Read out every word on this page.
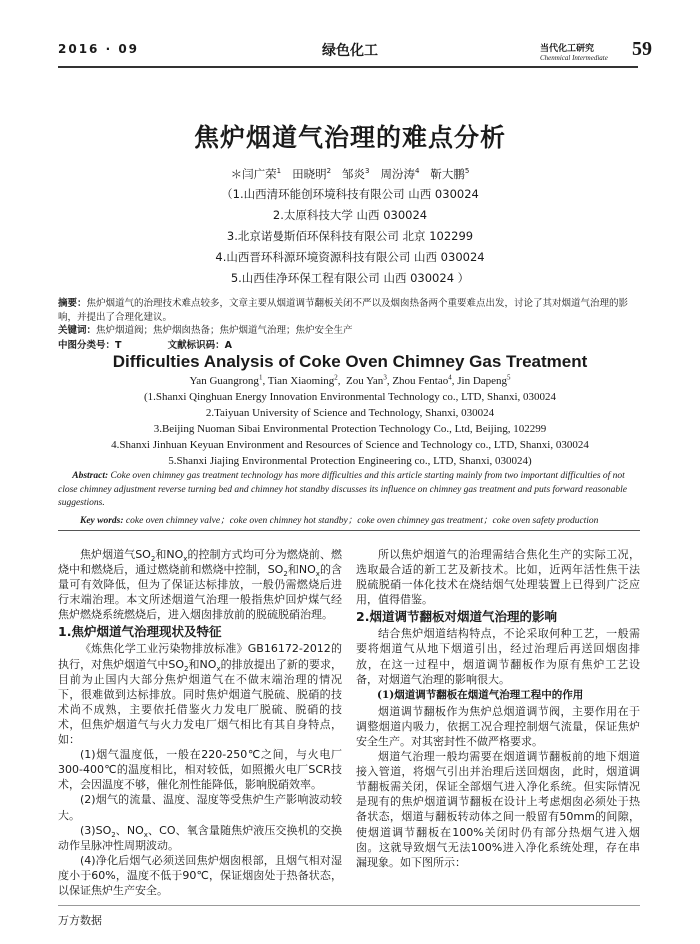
2016 · 09	绿色化工	当代化工研究
Chenmical Intermediate 59
焦炉烟道气治理的难点分析
＊闫广荣$^1$ 田晓明$^2$ 邹炎$^3$ 周汾涛$^4$ 靳大鹏$^5$
（1.山西清环能创环境科技有限公司 山西 030024
2.太原科技大学 山西 030024
3.北京诺曼斯佰环保科技有限公司 北京 102299
4.山西晋环科源环境资源科技有限公司 山西 030024
5.山西佳净环保工程有限公司 山西 030024 ）
摘要：焦炉烟道气的治理技术难点较多，文章主要从烟道调节翻板关闭不严以及烟囱热备两个重要难点出发，讨论了其对烟道气治理的影响，并提出了合理化建议。
关键词：焦炉烟道阀；焦炉烟囱热备；焦炉烟道气治理；焦炉安全生产
中图分类号：T	文献标识码：A
Difficulties Analysis of Coke Oven Chimney Gas Treatment
Yan Guangrong$^1$, Tian Xiaoming$^2$,  Zou Yan$^3$, Zhou Fentao$^4$, Jin Dapeng$^5$
(1.Shanxi Qinghuan Energy Innovation Environmental Technology co., LTD, Shanxi, 030024
2.Taiyuan University of Science and Technology, Shanxi, 030024
3.Beijing Nuoman Sibai Environmental Protection Technology Co., Ltd, Beijing, 102299
4.Shanxi Jinhuan Keyuan Environment and Resources of Science and Technology co., LTD, Shanxi, 030024
5.Shanxi Jiajing Environmental Protection Engineering co., LTD, Shanxi, 030024)
Abstract: Coke oven chimney gas treatment technology has more difficulties and this article starting mainly from two important difficulties of not close chimney adjustment reverse turning bed and chimney hot standby discusses its influence on chimney gas treatment and puts forward reasonable suggestions.
Key words: coke oven chimney valve；coke oven chimney hot standby；coke oven chimney gas treatment；coke oven safety production

焦炉烟道气$SO_2$和$NO_x$的控制方式均可分为燃烧前、燃烧中和燃烧后，通过燃烧前和燃烧中控制，$SO_2$和$NO_x$的含量可有效降低，但为了保证达标排放，一般仍需燃烧后进行末端治理。本文所述烟道气治理一般指焦炉回炉煤气经焦炉燃烧系统燃烧后，进入烟囱排放前的脱硫脱硝治理。

1.焦炉烟道气治理现状及特征

《炼焦化学工业污染物排放标准》GB16172-2012的执行，对焦炉烟道气中$SO_2$和$NO_x$的排放提出了新的要求，目前为止国内大部分焦炉烟道气在不做末端治理的情况下，很难做到达标排放。同时焦炉烟道气脱硫、脱硝的技术尚不成熟，主要依托借鉴火力发电厂脱硫、脱硝的技术，但焦炉烟道气与火力发电厂烟气相比有其自身特点，如：

(1)烟气温度低，一般在220-250℃之间，与火电厂300-400℃的温度相比，相对较低，如照搬火电厂SCR技术，会因温度不够，催化剂性能降低，影响脱硝效率。

(2)烟气的流量、温度、湿度等受焦炉生产影响波动较大。

$(3)SO_2$、$NO_x$、CO、氧含量随焦炉液压交换机的交换动作呈脉冲性周期波动。

(4)净化后烟气必须送回焦炉烟囱根部，且烟气相对湿度小于60%，温度不低于90℃，保证烟囱处于热备状态，以保证焦炉生产安全。

所以焦炉烟道气的治理需结合焦化生产的实际工况，选取最合适的新工艺及新技术。比如，近两年活性焦干法脱硫脱硝一体化技术在烧结烟气处理装置上已得到广泛应用，值得借鉴。

2.烟道调节翻板对烟道气治理的影响

结合焦炉烟道结构特点，不论采取何种工艺，一般需要将烟道气从地下烟道引出，经过治理后再送回烟囱排放，在这一过程中，烟道调节翻板作为原有焦炉工艺设备，对烟道气治理的影响很大。

(1)烟道调节翻板在烟道气治理工程中的作用

烟道调节翻板作为焦炉总烟道调节阀，主要作用在于调整烟道内吸力，依据工况合理控制烟气流量，保证焦炉安全生产。对其密封性不做严格要求。

烟道气治理一般均需要在烟道调节翻板前的地下烟道接入管道，将烟气引出并治理后送回烟囱，此时，烟道调节翻板需关闭，保证全部烟气进入净化系统。但实际情况是现有的焦炉烟道调节翻板在设计上考虑烟囱必须处于热备状态，烟道与翻板转动体之间一般留有50mm的间隙，使烟道调节翻板在100%关闭时仍有部分热烟气进入烟囱。这就导致烟气无法100%进入净化系统处理，存在串漏现象。如下图所示：

万方数据
